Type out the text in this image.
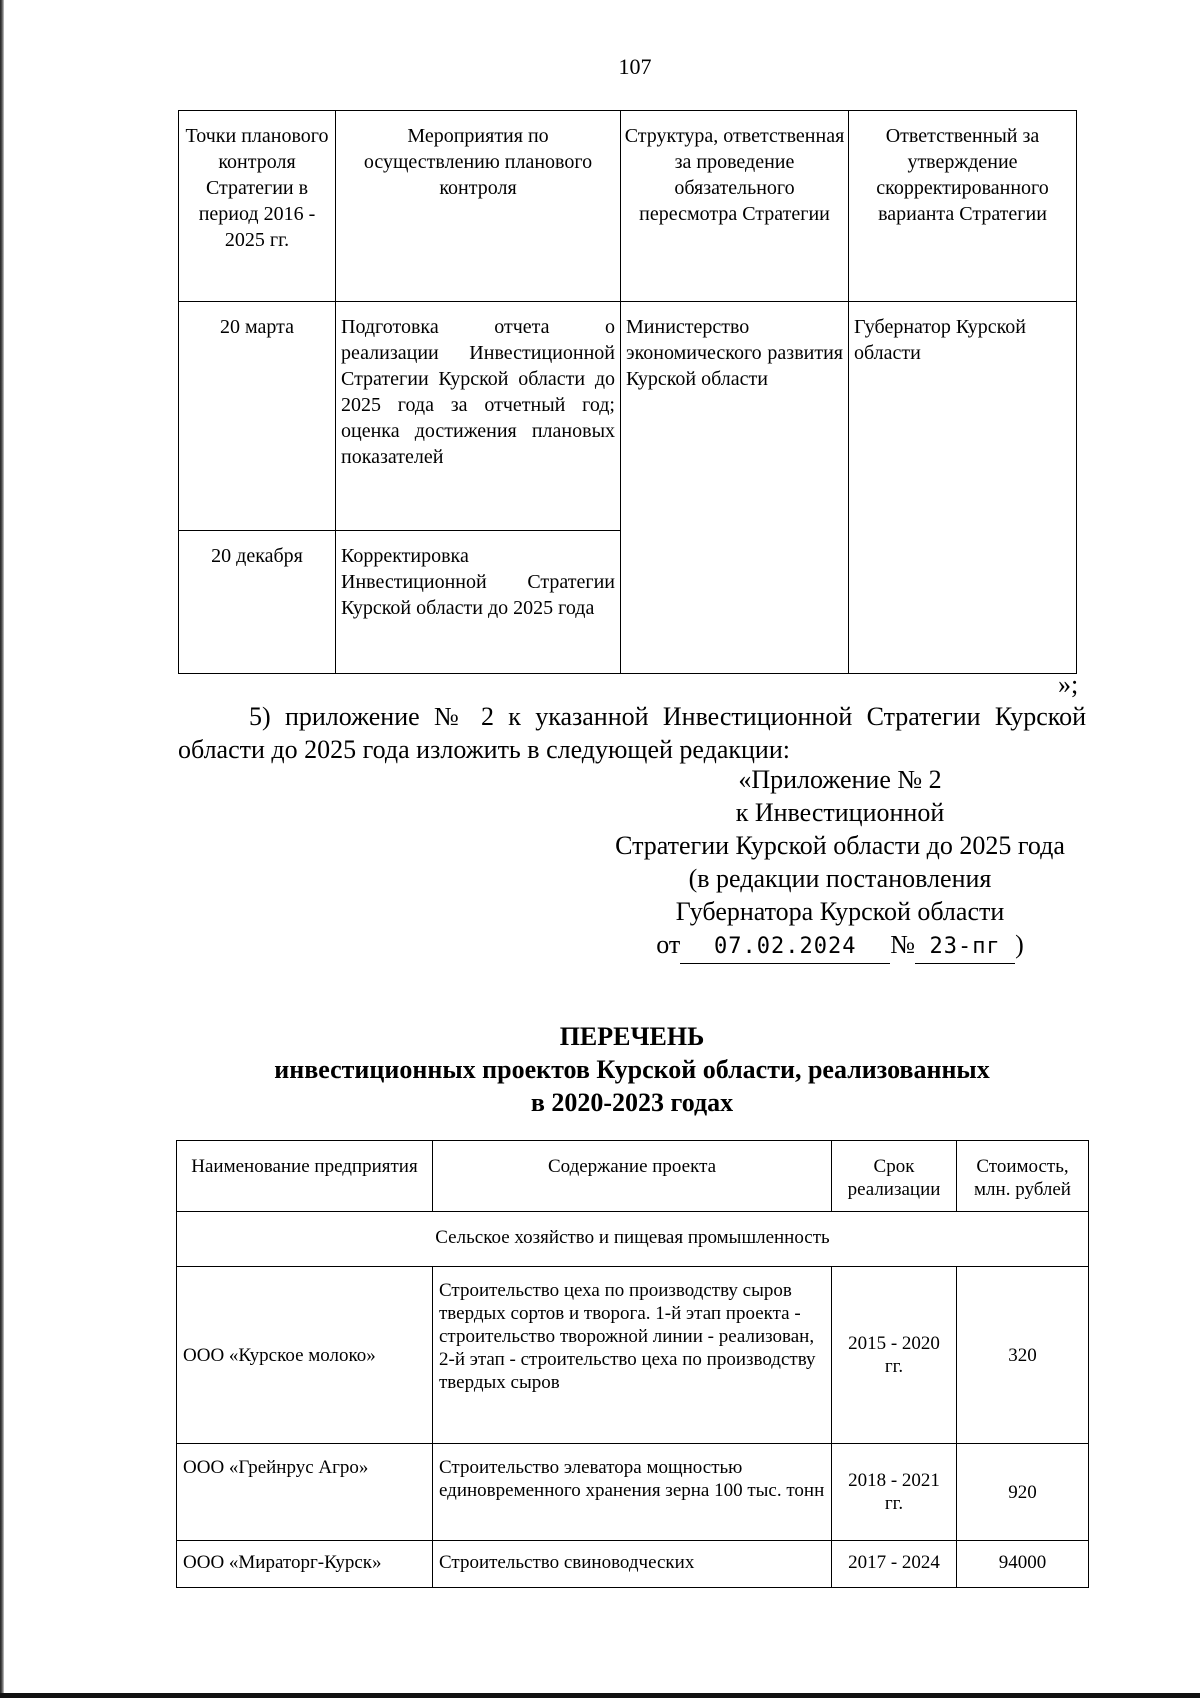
107
Точки планового контроля Стратегии в период 2016 - 2025 гг.	Мероприятия по осуществлению планового контроля	Структура, ответственная за проведение обязательного пересмотра Стратегии	Ответственный за утверждение скорректированного варианта Стратегии
20 марта	Подготовка отчета о реализации Инвестиционной Стратегии Курской области до 2025 года за отчетный год; оценка достижения плановых показателей	Министерство экономического развития Курской области	Губернатор Курской области
20 декабря	Корректировка Инвестиционной Стратегии Курской области до 2025 года		
»;
5) приложение № 2 к указанной Инвестиционной Стратегии Курской области до 2025 года изложить в следующей редакции:
«Приложение № 2
к Инвестиционной
Стратегии Курской области до 2025 года
(в редакции постановления
Губернатора Курской области
от 07.02.2024 № 23-пг )
ПЕРЕЧЕНЬ
инвестиционных проектов Курской области, реализованных
в 2020-2023 годах
Наименование предприятия	Содержание проекта	Срок реализации	Стоимость, млн. рублей
Сельское хозяйство и пищевая промышленность			
ООО «Курское молоко»	Строительство цеха по производству сыров твердых сортов и творога. 1-й этап проекта - строительство творожной линии - реализован, 2-й этап - строительство цеха по производству твердых сыров	2015 - 2020 гг.	320
ООО «Грейнрус Агро»	Строительство элеватора мощностью единовременного хранения зерна 100 тыс. тонн	2018 - 2021 гг.	920
ООО «Мираторг-Курск»	Строительство свиноводческих	2017 - 2024	94000
